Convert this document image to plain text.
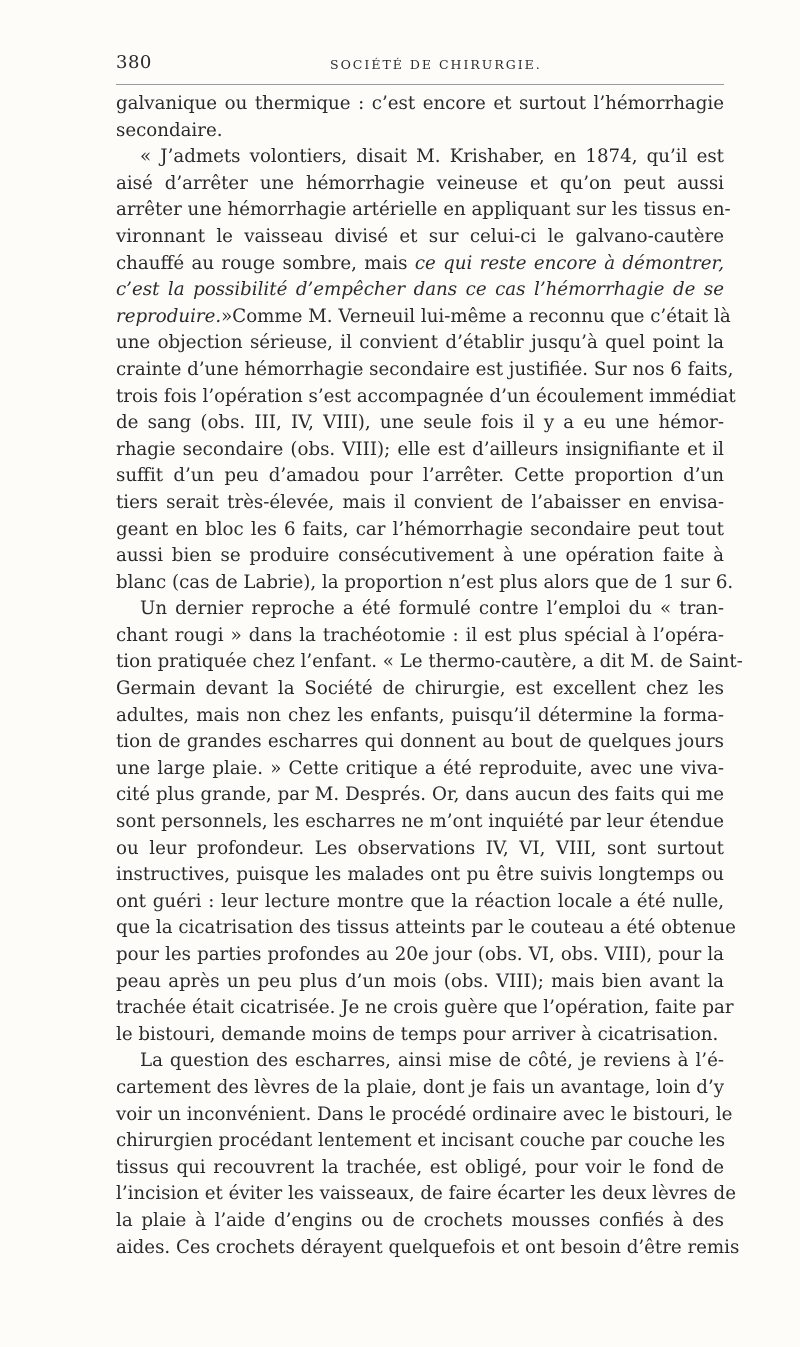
380	SOCIÉTÉ DE CHIRURGIE.
galvanique ou thermique : c’est encore et surtout l’hémorrhagie
secondaire.
« J’admets volontiers, disait M. Krishaber, en 1874, qu’il est
aisé d’arrêter une hémorrhagie veineuse et qu’on peut aussi
arrêter une hémorrhagie artérielle en appliquant sur les tissus en-
vironnant le vaisseau divisé et sur celui-ci le galvano-cautère
chauffé au rouge sombre, mais ce qui reste encore à démontrer,
c’est la possibilité d’empêcher dans ce cas l’hémorrhagie de se
reproduire.»Comme M. Verneuil lui-même a reconnu que c’était là
une objection sérieuse, il convient d’établir jusqu’à quel point la
crainte d’une hémorrhagie secondaire est justifiée. Sur nos 6 faits,
trois fois l’opération s’est accompagnée d’un écoulement immédiat
de sang (obs. III, IV, VIII), une seule fois il y a eu une hémor-
rhagie secondaire (obs. VIII); elle est d’ailleurs insignifiante et il
suffit d’un peu d’amadou pour l’arrêter. Cette proportion d’un
tiers serait très-élevée, mais il convient de l’abaisser en envisa-
geant en bloc les 6 faits, car l’hémorrhagie secondaire peut tout
aussi bien se produire consécutivement à une opération faite à
blanc (cas de Labrie), la proportion n’est plus alors que de 1 sur 6.
Un dernier reproche a été formulé contre l’emploi du « tran-
chant rougi » dans la trachéotomie : il est plus spécial à l’opéra-
tion pratiquée chez l’enfant. « Le thermo-cautère, a dit M. de Saint-
Germain devant la Société de chirurgie, est excellent chez les
adultes, mais non chez les enfants, puisqu’il détermine la forma-
tion de grandes escharres qui donnent au bout de quelques jours
une large plaie. » Cette critique a été reproduite, avec une viva-
cité plus grande, par M. Després. Or, dans aucun des faits qui me
sont personnels, les escharres ne m’ont inquiété par leur étendue
ou leur profondeur. Les observations IV, VI, VIII, sont surtout
instructives, puisque les malades ont pu être suivis longtemps ou
ont guéri : leur lecture montre que la réaction locale a été nulle,
que la cicatrisation des tissus atteints par le couteau a été obtenue
pour les parties profondes au 20e jour (obs. VI, obs. VIII), pour la
peau après un peu plus d’un mois (obs. VIII); mais bien avant la
trachée était cicatrisée. Je ne crois guère que l’opération, faite par
le bistouri, demande moins de temps pour arriver à cicatrisation.
La question des escharres, ainsi mise de côté, je reviens à l’é-
cartement des lèvres de la plaie, dont je fais un avantage, loin d’y
voir un inconvénient. Dans le procédé ordinaire avec le bistouri, le
chirurgien procédant lentement et incisant couche par couche les
tissus qui recouvrent la trachée, est obligé, pour voir le fond de
l’incision et éviter les vaisseaux, de faire écarter les deux lèvres de
la plaie à l’aide d’engins ou de crochets mousses confiés à des
aides. Ces crochets dérayent quelquefois et ont besoin d’être remis
